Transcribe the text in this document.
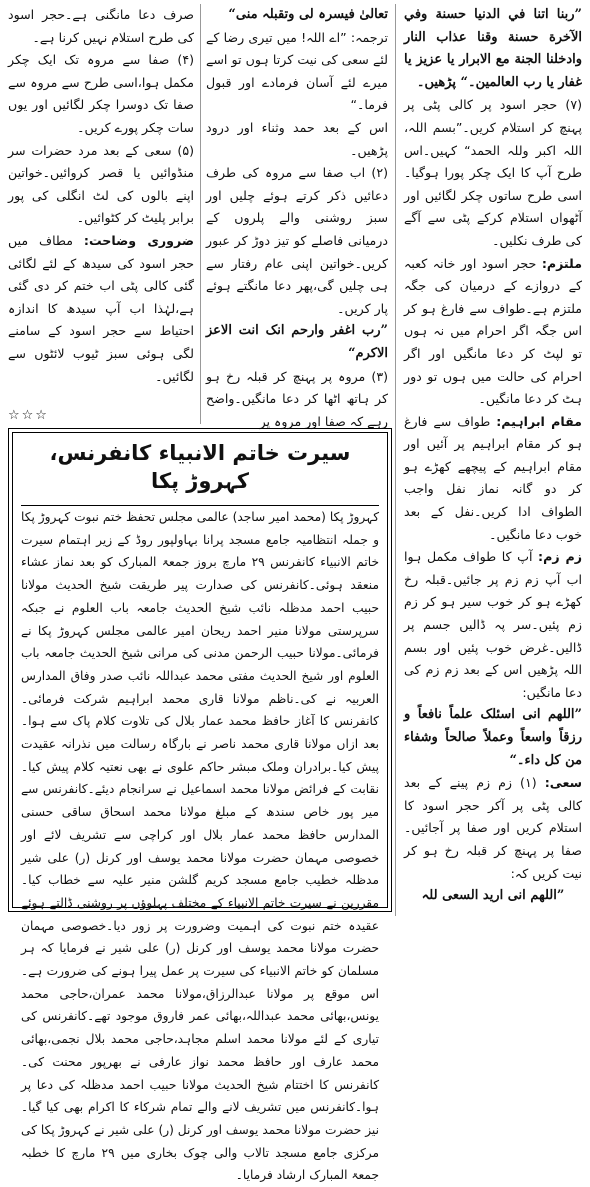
”ربنا اتنا في الدنيا حسنة وفي الآخرة حسنة وقنا عذاب النار وادخلنا الجنة مع الابرار یا عزیز یا غفار یا رب العالمین۔“ پڑھیں۔

(۷) حجر اسود پر کالی پٹی پر پہنچ کر استلام کریں۔”بسم اللہ، اللہ اکبر وللہ الحمد“ کہیں۔اس طرح آپ کا ایک چکر پورا ہوگیا۔اسی طرح ساتوں چکر لگائیں اور آٹھواں استلام کرکے پٹی سے آگے کی طرف نکلیں۔

ملتزم: حجر اسود اور خانہ کعبہ کے دروازے کے درمیان کی جگہ ملتزم ہے۔طواف سے فارغ ہو کر اس جگہ اگر احرام میں نہ ہوں تو لپٹ کر دعا مانگیں اور اگر احرام کی حالت میں ہوں تو دور ہٹ کر دعا مانگیں۔

مقام ابراہیم: طواف سے فارغ ہو کر مقام ابراہیم پر آئیں اور مقام ابراہیم کے پیچھے کھڑے ہو کر دو گانہ نماز نفل واجب الطواف ادا کریں۔نفل کے بعد خوب دعا مانگیں۔

زم زم: آپ کا طواف مکمل ہوا اب آپ زم زم پر جائیں۔قبلہ رخ کھڑے ہو کر خوب سیر ہو کر زم زم پئیں۔سر پہ ڈالیں جسم پر ڈالیں۔غرض خوب پئیں اور بسم اللہ پڑھیں اس کے بعد زم زم کی دعا مانگیں:

”اللهم انی اسئلک علماً نافعاً و رزقاً واسعاً وعملاً صالحاً وشفاء من کل داء۔“

سعی: (۱) زم زم پینے کے بعد کالی پٹی پر آکر حجر اسود کا استلام کریں اور صفا پر آجائیں۔صفا پر پہنچ کر قبلہ رخ ہو کر نیت کریں کہ:

”اللهم انی ارید السعی للہ

تعالیٰ فیسرہ لی وتقبلہ منی“

ترجمہ: ”اے اللہ! میں تیری رضا کے لئے سعی کی نیت کرتا ہوں تو اسے میرے لئے آسان فرمادے اور قبول فرما۔“

اس کے بعد حمد وثناء اور درود پڑھیں۔

(۲) اب صفا سے مروہ کی طرف دعائیں ذکر کرتے ہوئے چلیں اور سبز روشنی والے پلروں کے درمیانی فاصلے کو تیز دوڑ کر عبور کریں۔خواتین اپنی عام رفتار سے ہی چلیں گی،پھر دعا مانگتے ہوئے پار کریں۔

”رب اغفر وارحم انک انت الاعز الاکرم“

(۳) مروہ پر پہنچ کر قبلہ رخ ہو کر ہاتھ اٹھا کر دعا مانگیں۔واضح رہے کہ صفا اور مروہ پر

صرف دعا مانگنی ہے۔حجر اسود کی طرح استلام نہیں کرنا ہے۔

(۴) صفا سے مروہ تک ایک چکر مکمل ہوا،اسی طرح سے مروہ سے صفا تک دوسرا چکر لگائیں اور یوں سات چکر پورے کریں۔

(۵) سعی کے بعد مرد حضرات سر منڈوائیں یا قصر کروائیں۔خواتین اپنے بالوں کی لٹ انگلی کی پور برابر پلیٹ کر کٹوائیں۔

ضروری وضاحت: مطاف میں حجر اسود کی سیدھ کے لئے لگائی گئی کالی پٹی اب ختم کر دی گئی ہے،لہٰذا اب آپ سیدھ کا اندازہ احتیاط سے حجر اسود کے سامنے لگی ہوئی سبز ٹیوب لائٹوں سے لگائیں۔

☆☆☆

سیرت خاتم الانبیاء کانفرنس، کہروڑ پکا

کہروڑ پکا (محمد امیر ساجد) عالمی مجلس تحفظ ختم نبوت کہروڑ پکا و جملہ انتظامیہ جامع مسجد پرانا بہاولپور روڈ کے زیر اہتمام سیرت خاتم الانبیاء کانفرنس ۲۹ مارچ بروز جمعۃ المبارک کو بعد نماز عشاء منعقد ہوئی۔کانفرنس کی صدارت پیر طریقت شیخ الحدیث مولانا حبیب احمد مدظلہ نائب شیخ الحدیث جامعہ باب العلوم نے جبکہ سرپرستی مولانا منیر احمد ریحان امیر عالمی مجلس کہروڑ پکا نے فرمائی۔مولانا حبیب الرحمن مدنی کی مرانی شیخ الحدیث جامعہ باب العلوم اور شیخ الحدیث مفتی محمد عبداللہ نائب صدر وفاق المدارس العربیہ نے کی۔ناظم مولانا قاری محمد ابراہیم شرکت فرمائی۔کانفرنس کا آغاز حافظ محمد عمار بلال کی تلاوت کلام پاک سے ہوا۔بعد ازاں مولانا قاری محمد ناصر نے بارگاہ رسالت میں نذرانہ عقیدت پیش کیا۔برادران وملک مبشر حاکم علوی نے بھی نعتیہ کلام پیش کیا۔نقابت کے فرائض مولانا محمد اسماعیل نے سرانجام دیئے۔کانفرنس سے میر پور خاص سندھ کے مبلغ مولانا محمد اسحاق ساقی حسنی المدارس حافظ محمد عمار بلال اور کراچی سے تشریف لائے اور خصوصی مہمان حضرت مولانا محمد یوسف اور کرنل (ر) علی شیر مدظلہ خطیب جامع مسجد کریم گلشن منیر علیہ سے خطاب کیا۔مقررین نے سیرت خاتم الانبیاء کے مختلف پہلوؤں پر روشنی ڈالتے ہوئے عقیدہ ختم نبوت کی اہمیت وضرورت پر زور دیا۔خصوصی مہمان حضرت مولانا محمد یوسف اور کرنل (ر) علی شیر نے فرمایا کہ ہر مسلمان کو خاتم الانبیاء کی سیرت پر عمل پیرا ہونے کی ضرورت ہے۔اس موقع پر مولانا عبدالرزاق،مولانا محمد عمران،حاجی محمد یونس،بھائی محمد عبداللہ،بھائی عمر فاروق موجود تھے۔کانفرنس کی تیاری کے لئے مولانا محمد اسلم مجاہد،حاجی محمد بلال نجمی،بھائی محمد عارف اور حافظ محمد نواز عارفی نے بھرپور محنت کی۔کانفرنس کا اختتام شیخ الحدیث مولانا حبیب احمد مدظلہ کی دعا پر ہوا۔کانفرنس میں تشریف لانے والے تمام شرکاء کا اکرام بھی کیا گیا۔نیز حضرت مولانا محمد یوسف اور کرنل (ر) علی شیر نے کہروڑ پکا کی مرکزی جامع مسجد تالاب والی چوک بخاری میں ۲۹ مارچ کا خطبہ جمعۃ المبارک ارشاد فرمایا۔
